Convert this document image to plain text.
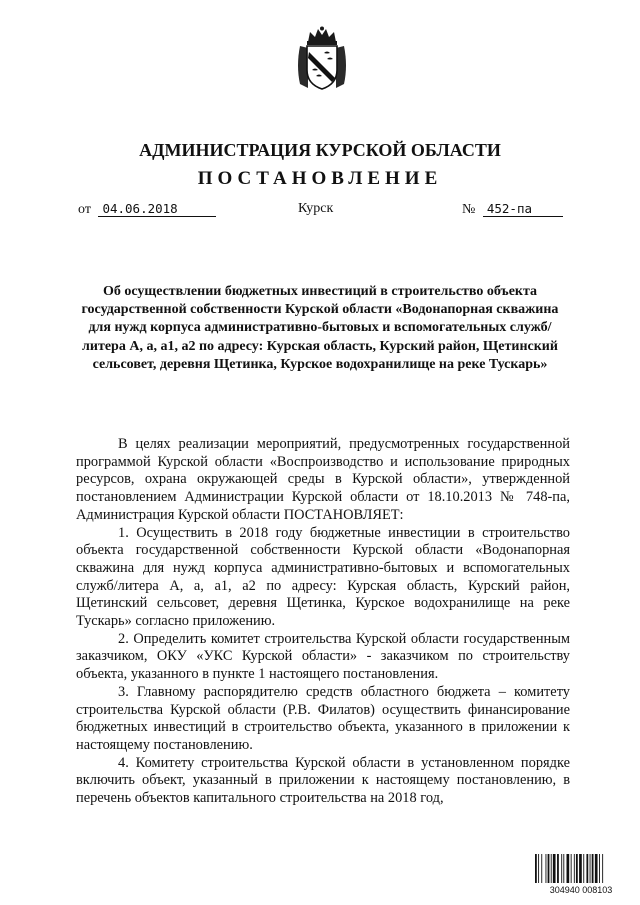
АДМИНИСТРАЦИЯ КУРСКОЙ ОБЛАСТИ
ПОСТАНОВЛЕНИЕ
от 04.06.2018	Курск	№ 452-па
Об осуществлении бюджетных инвестиций в строительство объекта государственной собственности Курской области «Водонапорная скважина для нужд корпуса административно-бытовых и вспомогательных служб/литера А, а, а1, а2 по адресу: Курская область, Курский район, Щетинский сельсовет, деревня Щетинка, Курское водохранилище на реке Тускарь»

В целях реализации мероприятий, предусмотренных государственной программой Курской области «Воспроизводство и использование природных ресурсов, охрана окружающей среды в Курской области», утвержденной постановлением Администрации Курской области от 18.10.2013 № 748-па, Администрация Курской области ПОСТАНОВЛЯЕТ:

1. Осуществить в 2018 году бюджетные инвестиции в строительство объекта государственной собственности Курской области «Водонапорная скважина для нужд корпуса административно-бытовых и вспомогательных служб/литера А, а, а1, а2 по адресу: Курская область, Курский район, Щетинский сельсовет, деревня Щетинка, Курское водохранилище на реке Тускарь» согласно приложению.

2. Определить комитет строительства Курской области государственным заказчиком, ОКУ «УКС Курской области» - заказчиком по строительству объекта, указанного в пункте 1 настоящего постановления.

3. Главному распорядителю средств областного бюджета – комитету строительства Курской области (Р.В. Филатов) осуществить финансирование бюджетных инвестиций в строительство объекта, указанного в приложении к настоящему постановлению.

4. Комитету строительства Курской области в установленном порядке включить объект, указанный в приложении к настоящему постановлению, в перечень объектов капитального строительства на 2018 год,

304940 008103
